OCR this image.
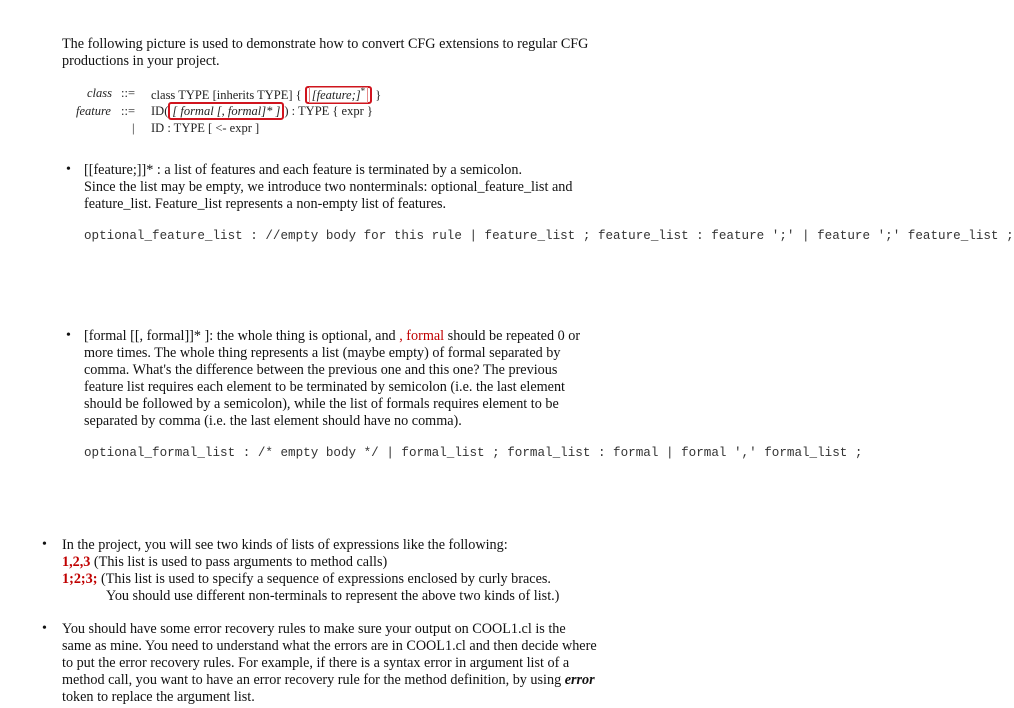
The following picture is used to demonstrate how to convert CFG extensions to regular CFG
productions in your project.
class ::= class TYPE [inherits TYPE] { [feature;]* }
feature ::= ID( [ formal [, formal]* ] ) : TYPE { expr }
| ID : TYPE [ <- expr ]
• [[feature;]]* : a list of features and each feature is terminated by a semicolon.
Since the list may be empty, we introduce two nonterminals: optional_feature_list and
feature_list. Feature_list represents a non-empty list of features.
optional_feature_list : //empty body for this rule | feature_list ; feature_list : feature ';' | feature ';' feature_list ;
• [formal [[, formal]]* ]: the whole thing is optional, and , formal should be repeated 0 or
more times. The whole thing represents a list (maybe empty) of formal separated by
comma. What's the difference between the previous one and this one? The previous
feature list requires each element to be terminated by semicolon (i.e. the last element
should be followed by a semicolon), while the list of formals requires element to be
separated by comma (i.e. the last element should have no comma).
optional_formal_list : /* empty body */ | formal_list ; formal_list : formal | formal ',' formal_list ;
• In the project, you will see two kinds of lists of expressions like the following:
1,2,3 (This list is used to pass arguments to method calls)
1;2;3; (This list is used to specify a sequence of expressions enclosed by curly braces.
You should use different non-terminals to represent the above two kinds of list.)
• You should have some error recovery rules to make sure your output on COOL1.cl is the
same as mine. You need to understand what the errors are in COOL1.cl and then decide where
to put the error recovery rules. For example, if there is a syntax error in argument list of a
method call, you want to have an error recovery rule for the method definition, by using error
token to replace the argument list.
